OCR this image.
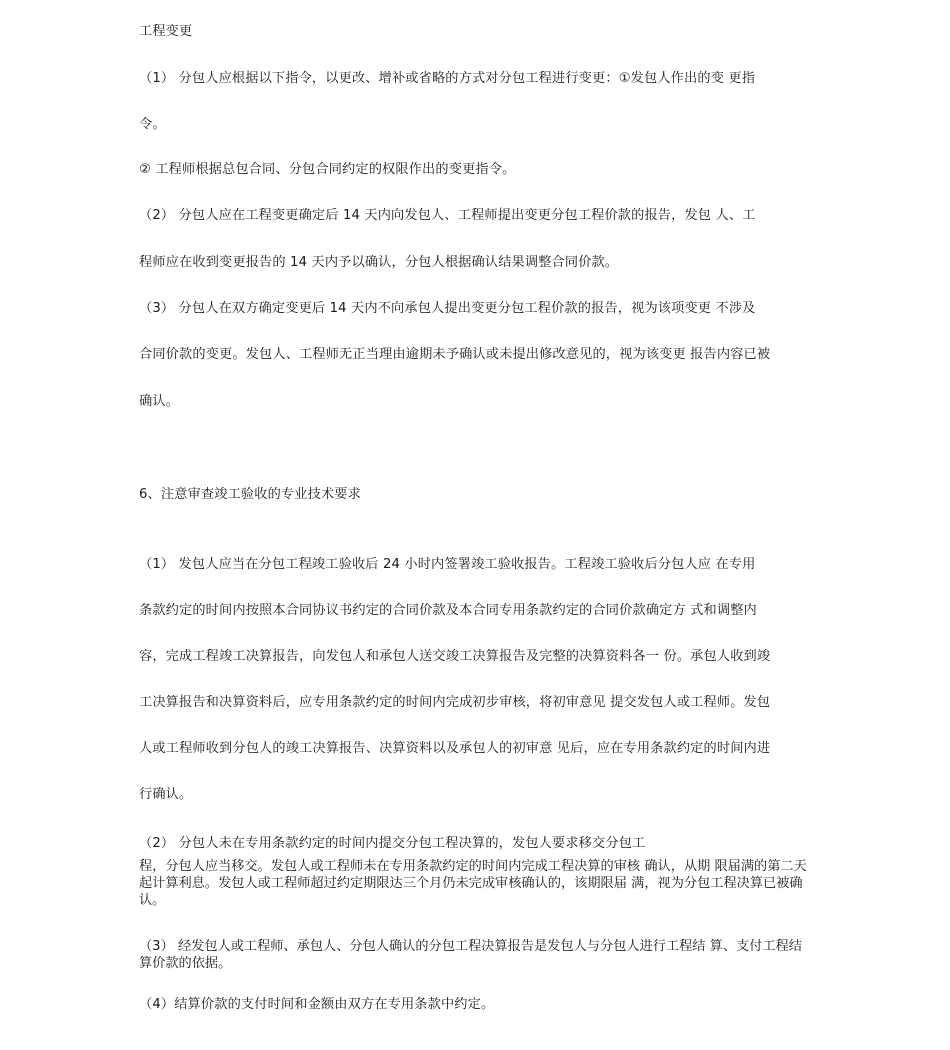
工程变更
（1） 分包人应根据以下指令，以更改、增补或省略的方式对分包工程进行变更：①发包人作出的变 更指
令。
② 工程师根据总包合同、分包合同约定的权限作出的变更指令。
（2） 分包人应在工程变更确定后 14 天内向发包人、工程师提出变更分包工程价款的报告，发包 人、工
程师应在收到变更报告的 14 天内予以确认，分包人根据确认结果调整合同价款。
（3） 分包人在双方确定变更后 14 天内不向承包人提出变更分包工程价款的报告，视为该项变更 不涉及
合同价款的变更。发包人、工程师无正当理由逾期未予确认或未提出修改意见的，视为该变更 报告内容已被
确认。
6、注意审查竣工验收的专业技术要求
（1） 发包人应当在分包工程竣工验收后 24 小时内签署竣工验收报告。工程竣工验收后分包人应 在专用
条款约定的时间内按照本合同协议书约定的合同价款及本合同专用条款约定的合同价款确定方 式和调整内
容，完成工程竣工决算报告，向发包人和承包人送交竣工决算报告及完整的决算资料各一 份。承包人收到竣
工决算报告和决算资料后，应专用条款约定的时间内完成初步审核，将初审意见 提交发包人或工程师。发包
人或工程师收到分包人的竣工决算报告、决算资料以及承包人的初审意 见后，应在专用条款约定的时间内进
行确认。
（2） 分包人未在专用条款约定的时间内提交分包工程决算的，发包人要求移交分包工
程，分包人应当移交。发包人或工程师未在专用条款约定的时间内完成工程决算的审核 确认，从期 限届满的第二天起计算利息。发包人或工程师超过约定期限达三个月仍未完成审核确认的，该期限届 满，视为分包工程决算已被确认。
（3） 经发包人或工程师、承包人、分包人确认的分包工程决算报告是发包人与分包人进行工程结 算、支付工程结算价款的依据。
（4）结算价款的支付时间和金额由双方在专用条款中约定。
